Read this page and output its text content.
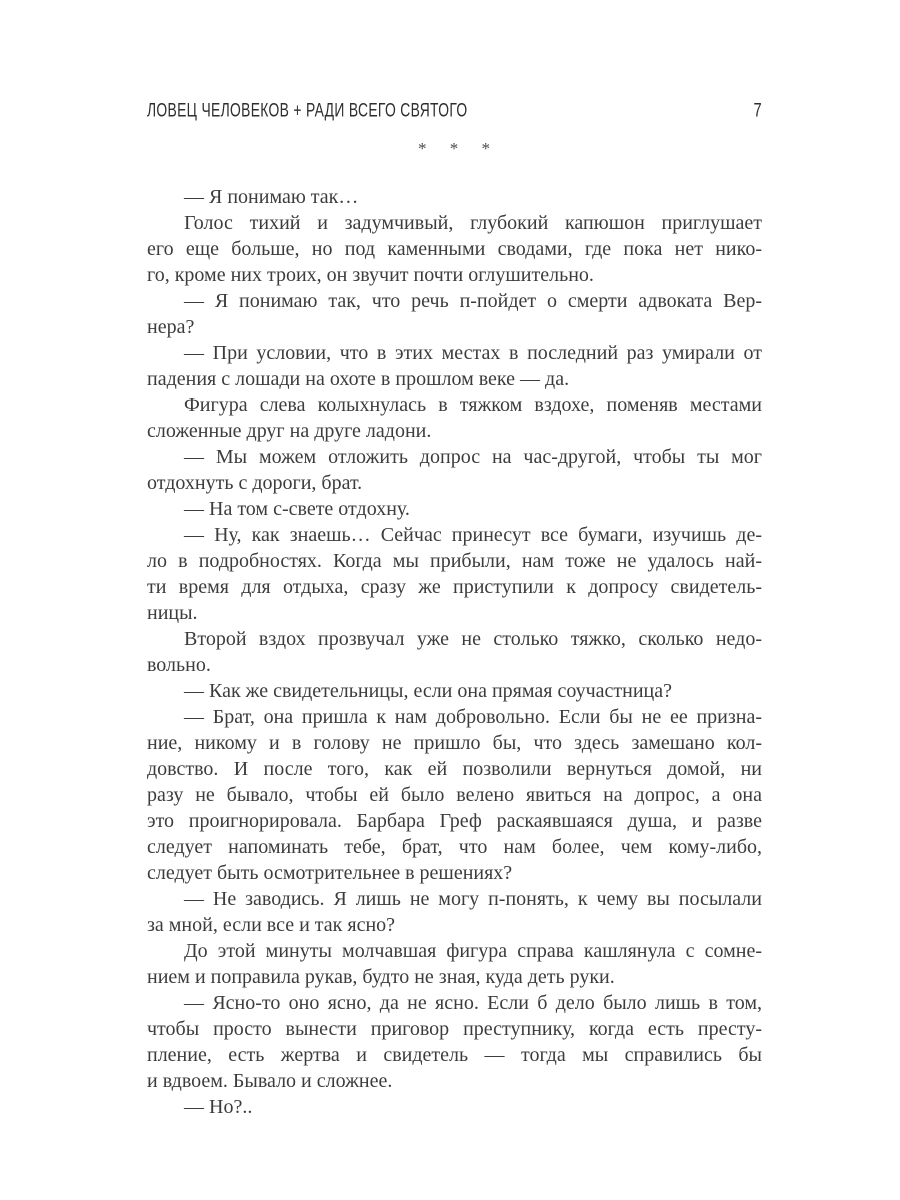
ЛОВЕЦ ЧЕЛОВЕКОВ + РАДИ ВСЕГО СВЯТОГО	7
* * *
— Я понимаю так…
Голос тихий и задумчивый, глубокий капюшон приглушает
его еще больше, но под каменными сводами, где пока нет нико-
го, кроме них троих, он звучит почти оглушительно.
— Я понимаю так, что речь п-пойдет о смерти адвоката Вер-
нера?
— При условии, что в этих местах в последний раз умирали от
падения с лошади на охоте в прошлом веке — да.
Фигура слева колыхнулась в тяжком вздохе, поменяв местами
сложенные друг на друге ладони.
— Мы можем отложить допрос на час-другой, чтобы ты мог
отдохнуть с дороги, брат.
— На том с-свете отдохну.
— Ну, как знаешь… Сейчас принесут все бумаги, изучишь де-
ло в подробностях. Когда мы прибыли, нам тоже не удалось най-
ти время для отдыха, сразу же приступили к допросу свидетель-
ницы.
Второй вздох прозвучал уже не столько тяжко, сколько недо-
вольно.
— Как же свидетельницы, если она прямая соучастница?
— Брат, она пришла к нам добровольно. Если бы не ее призна-
ние, никому и в голову не пришло бы, что здесь замешано кол-
довство. И после того, как ей позволили вернуться домой, ни
разу не бывало, чтобы ей было велено явиться на допрос, а она
это проигнорировала. Барбара Греф раскаявшаяся душа, и разве
следует напоминать тебе, брат, что нам более, чем кому-либо,
следует быть осмотрительнее в решениях?
— Не заводись. Я лишь не могу п-понять, к чему вы посылали
за мной, если все и так ясно?
До этой минуты молчавшая фигура справа кашлянула с сомне-
нием и поправила рукав, будто не зная, куда деть руки.
— Ясно-то оно ясно, да не ясно. Если б дело было лишь в том,
чтобы просто вынести приговор преступнику, когда есть престу-
пление, есть жертва и свидетель — тогда мы справились бы
и вдвоем. Бывало и сложнее.
— Но?..
